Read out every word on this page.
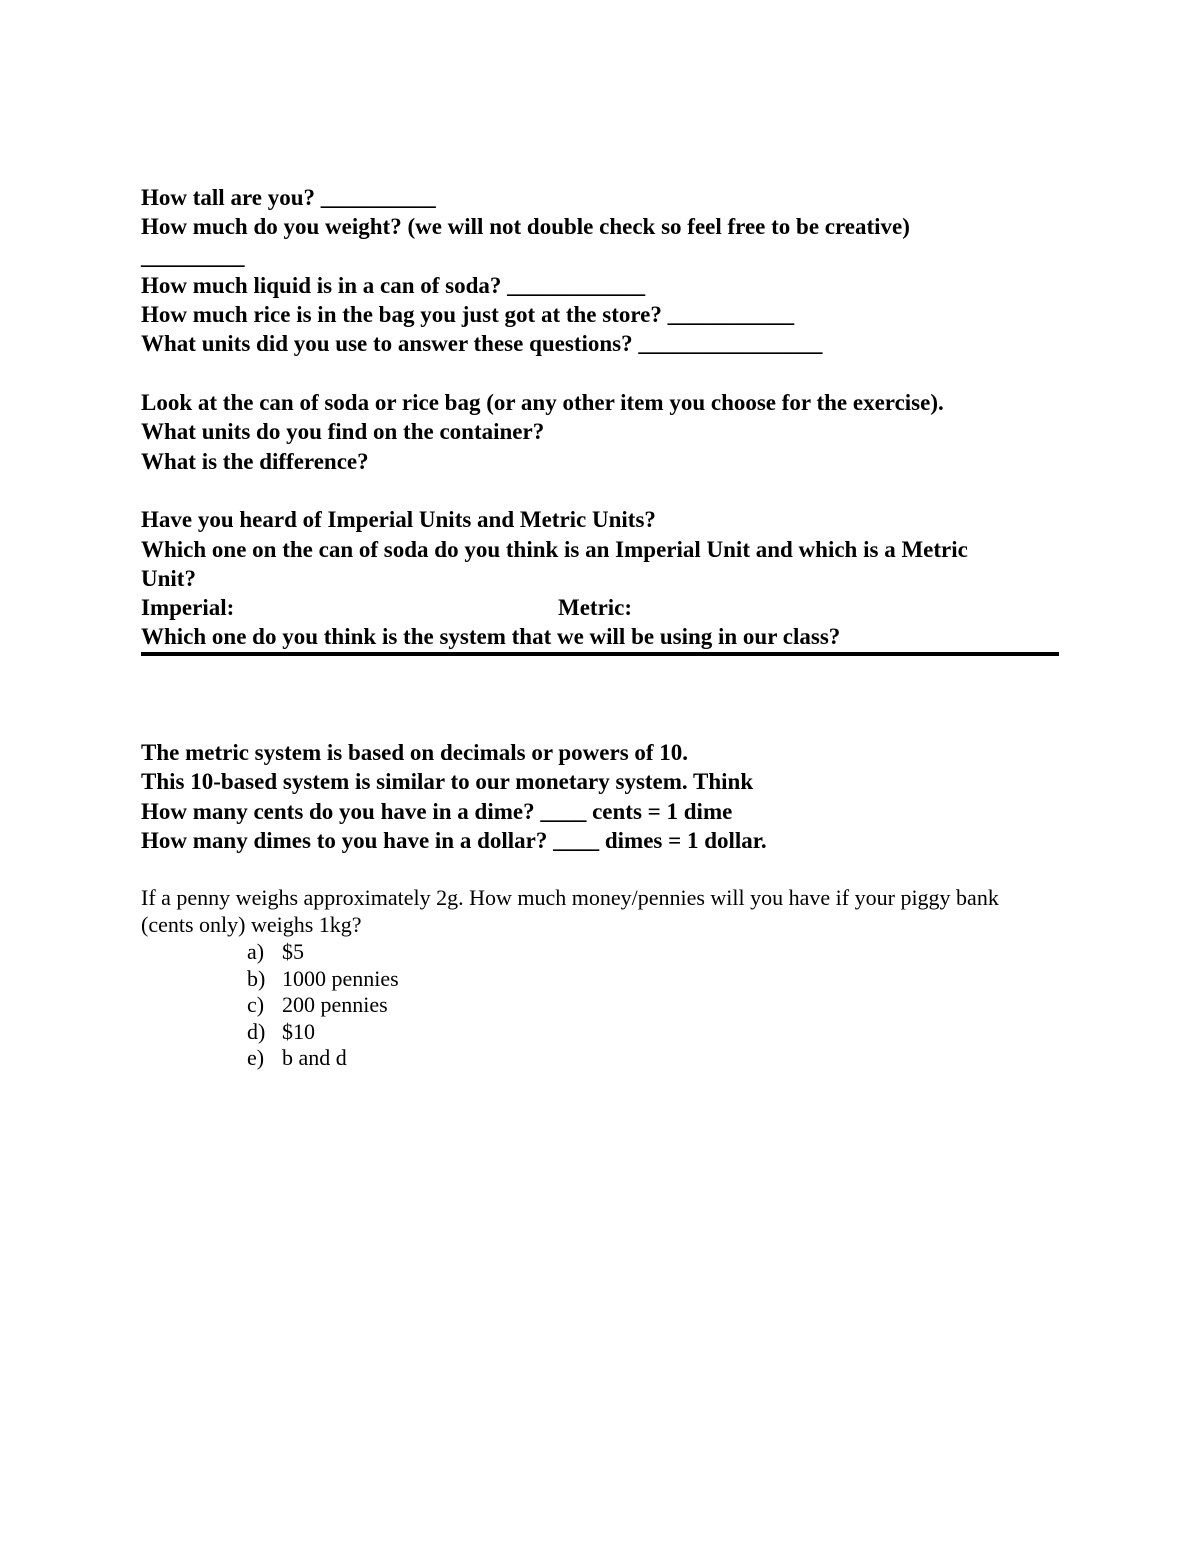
How tall are you? __________
How much do you weight? (we will not double check so feel free to be creative)
_________
How much liquid is in a can of soda? ____________
How much rice is in the bag you just got at the store? ___________
What units did you use to answer these questions? ________________

Look at the can of soda or rice bag (or any other item you choose for the exercise).
What units do you find on the container?
What is the difference?

Have you heard of Imperial Units and Metric Units?
Which one on the can of soda do you think is an Imperial Unit and which is a Metric
Unit?
Imperial:	Metric:
Which one do you think is the system that we will be using in our class?
The metric system is based on decimals or powers of 10.
This 10-based system is similar to our monetary system. Think
How many cents do you have in a dime? ____ cents = 1 dime
How many dimes to you have in a dollar? ____ dimes = 1 dollar.
If a penny weighs approximately 2g. How much money/pennies will you have if your piggy bank
(cents only) weighs 1kg?
a) $5
b) 1000 pennies
c) 200 pennies
d) $10
e) b and d
